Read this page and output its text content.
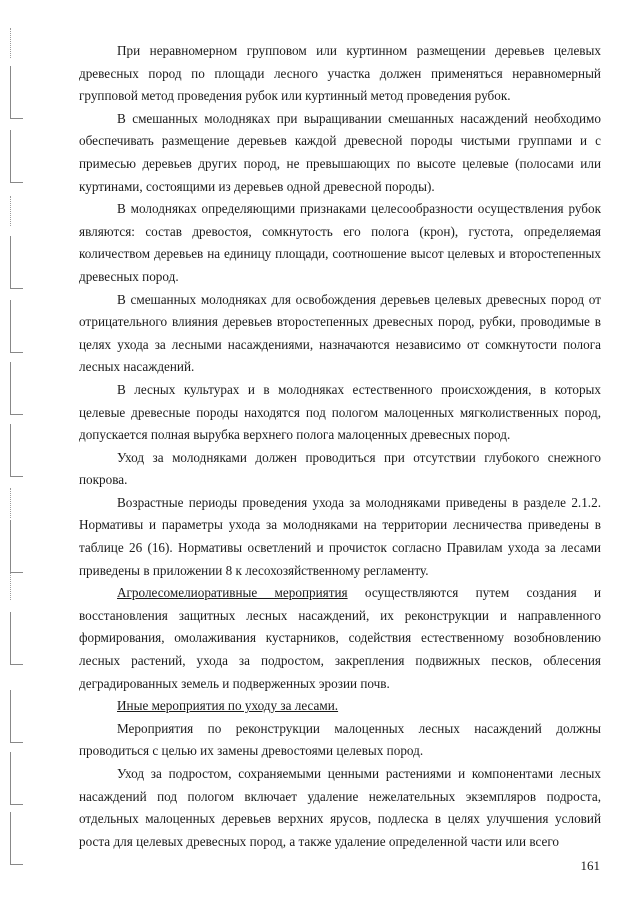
При неравномерном групповом или куртинном размещении деревьев целевых древесных пород по площади лесного участка должен применяться неравномерный групповой метод проведения рубок или куртинный метод проведения рубок.

В смешанных молодняках при выращивании смешанных насаждений необходимо обеспечивать размещение деревьев каждой древесной породы чистыми группами и с примесью деревьев других пород, не превышающих по высоте целевые (полосами или куртинами, состоящими из деревьев одной древесной породы).

В молодняках определяющими признаками целесообразности осуществления рубок являются: состав древостоя, сомкнутость его полога (крон), густота, определяемая количеством деревьев на единицу площади, соотношение высот целевых и второстепенных древесных пород.

В смешанных молодняках для освобождения деревьев целевых древесных пород от отрицательного влияния деревьев второстепенных древесных пород, рубки, проводимые в целях ухода за лесными насаждениями, назначаются независимо от сомкнутости полога лесных насаждений.

В лесных культурах и в молодняках естественного происхождения, в которых целевые древесные породы находятся под пологом малоценных мягколиственных пород, допускается полная вырубка верхнего полога малоценных древесных пород.

Уход за молодняками должен проводиться при отсутствии глубокого снежного покрова.

Возрастные периоды проведения ухода за молодняками приведены в разделе 2.1.2. Нормативы и параметры ухода за молодняками на территории лесничества приведены в таблице 26 (16). Нормативы осветлений и прочисток согласно Правилам ухода за лесами приведены в приложении 8 к лесохозяйственному регламенту.

Агролесомелиоративные мероприятия осуществляются путем создания и восстановления защитных лесных насаждений, их реконструкции и направленного формирования, омолаживания кустарников, содействия естественному возобновлению лесных растений, ухода за подростом, закрепления подвижных песков, облесения деградированных земель и подверженных эрозии почв.

Иные мероприятия по уходу за лесами.

Мероприятия по реконструкции малоценных лесных насаждений должны проводиться с целью их замены древостоями целевых пород.

Уход за подростом, сохраняемыми ценными растениями и компонентами лесных насаждений под пологом включает удаление нежелательных экземпляров подроста, отдельных малоценных деревьев верхних ярусов, подлеска в целях улучшения условий роста для целевых древесных пород, а также удаление определенной части или всего

161
